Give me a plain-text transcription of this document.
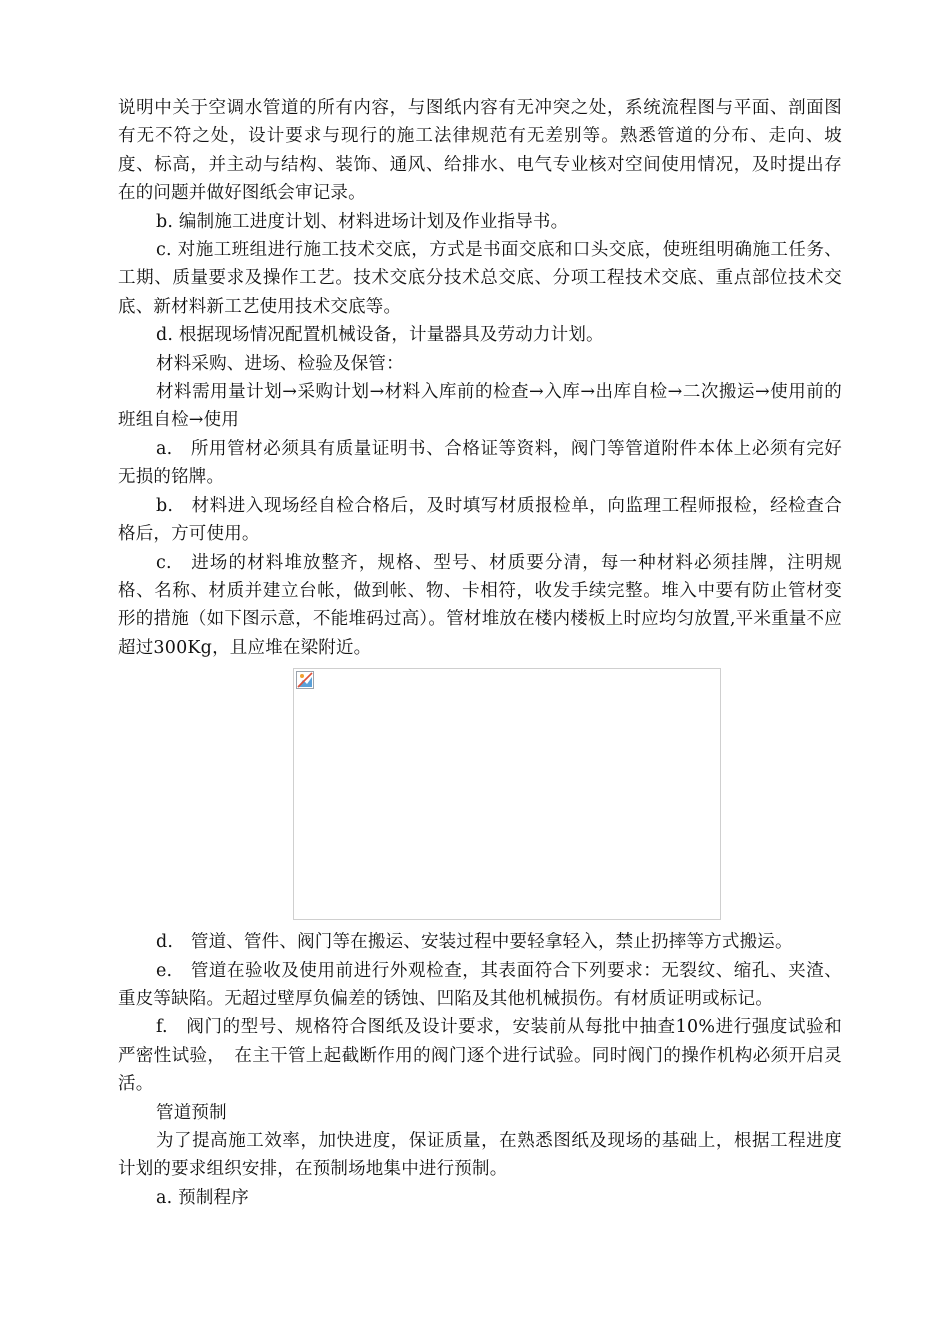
说明中关于空调水管道的所有内容，与图纸内容有无冲突之处，系统流程图与平面、剖面图有无不符之处，设计要求与现行的施工法律规范有无差别等。熟悉管道的分布、走向、坡度、标高，并主动与结构、装饰、通风、给排水、电气专业核对空间使用情况，及时提出存在的问题并做好图纸会审记录。

b. 编制施工进度计划、材料进场计划及作业指导书。

c. 对施工班组进行施工技术交底，方式是书面交底和口头交底，使班组明确施工任务、工期、质量要求及操作工艺。技术交底分技术总交底、分项工程技术交底、重点部位技术交底、新材料新工艺使用技术交底等。

d. 根据现场情况配置机械设备，计量器具及劳动力计划。

材料采购、进场、检验及保管：

材料需用量计划→采购计划→材料入库前的检查→入库→出库自检→二次搬运→使用前的班组自检→使用

a.　所用管材必须具有质量证明书、合格证等资料，阀门等管道附件本体上必须有完好无损的铭牌。

b.　材料进入现场经自检合格后，及时填写材质报检单，向监理工程师报检，经检查合格后，方可使用。

c.　进场的材料堆放整齐，规格、型号、材质要分清，每一种材料必须挂牌，注明规格、名称、材质并建立台帐，做到帐、物、卡相符，收发手续完整。堆入中要有防止管材变形的措施（如下图示意，不能堆码过高）。管材堆放在楼内楼板上时应均匀放置,平米重量不应超过300Kg，且应堆在梁附近。

d.　管道、管件、阀门等在搬运、安装过程中要轻拿轻入，禁止扔摔等方式搬运。

e.　管道在验收及使用前进行外观检查，其表面符合下列要求：无裂纹、缩孔、夹渣、重皮等缺陷。无超过壁厚负偏差的锈蚀、凹陷及其他机械损伤。有材质证明或标记。

f.　阀门的型号、规格符合图纸及设计要求，安装前从每批中抽查10%进行强度试验和严密性试验，　在主干管上起截断作用的阀门逐个进行试验。同时阀门的操作机构必须开启灵活。

管道预制

为了提高施工效率，加快进度，保证质量，在熟悉图纸及现场的基础上，根据工程进度计划的要求组织安排，在预制场地集中进行预制。

a. 预制程序
